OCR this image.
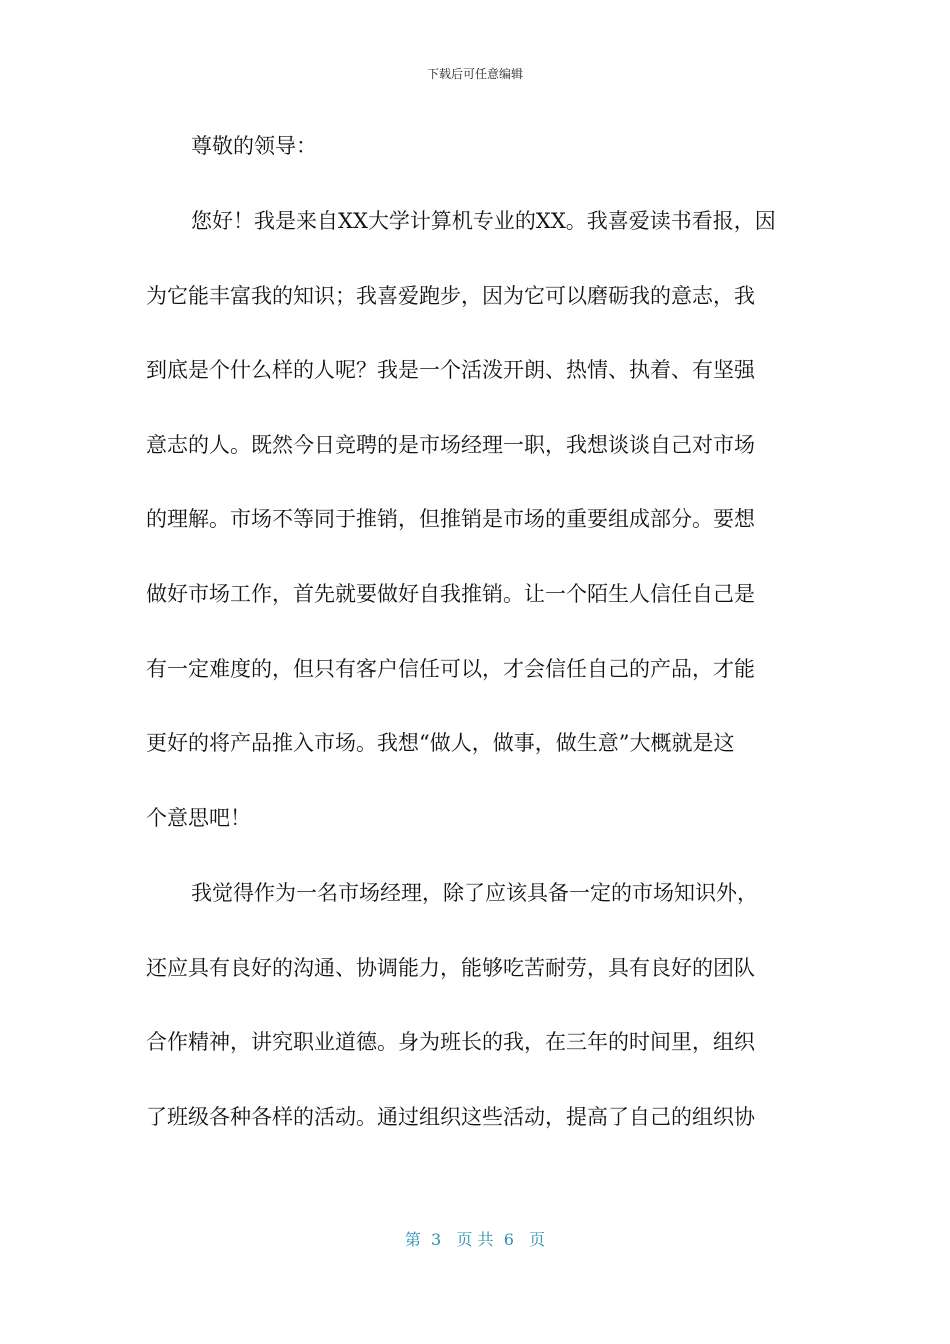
下载后可任意编辑
尊敬的领导：
您好！我是来自XX大学计算机专业的XX。我喜爱读书看报，因
为它能丰富我的知识；我喜爱跑步，因为它可以磨砺我的意志，我
到底是个什么样的人呢？我是一个活泼开朗、热情、执着、有坚强
意志的人。既然今日竞聘的是市场经理一职，我想谈谈自己对市场
的理解。市场不等同于推销，但推销是市场的重要组成部分。要想
做好市场工作，首先就要做好自我推销。让一个陌生人信任自己是
有一定难度的，但只有客户信任可以，才会信任自己的产品，才能
更好的将产品推入市场。我想“做人，做事，做生意”大概就是这
个意思吧！
我觉得作为一名市场经理，除了应该具备一定的市场知识外，
还应具有良好的沟通、协调能力，能够吃苦耐劳，具有良好的团队
合作精神，讲究职业道德。身为班长的我，在三年的时间里，组织
了班级各种各样的活动。通过组织这些活动，提高了自己的组织协
第  3   页 共  6   页
